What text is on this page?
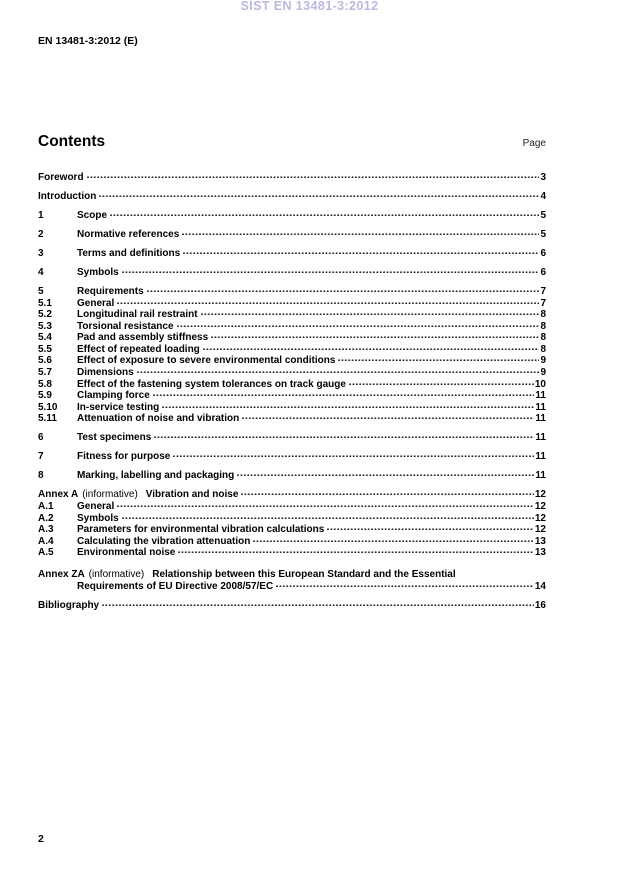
SIST EN 13481-3:2012
EN 13481-3:2012 (E)
Contents	Page
Foreword	3
Introduction	4
1	Scope	5
2	Normative references	5
3	Terms and definitions	6
4	Symbols	6
5	Requirements	7
5.1	General	7
5.2	Longitudinal rail restraint	8
5.3	Torsional resistance	8
5.4	Pad and assembly stiffness	8
5.5	Effect of repeated loading	8
5.6	Effect of exposure to severe environmental conditions	9
5.7	Dimensions	9
5.8	Effect of the fastening system tolerances on track gauge	10
5.9	Clamping force	11
5.10	In-service testing	11
5.11	Attenuation of noise and vibration	11
6	Test specimens	11
7	Fitness for purpose	11
8	Marking, labelling and packaging	11
Annex A (informative) Vibration and noise	12
A.1	General	12
A.2	Symbols	12
A.3	Parameters for environmental vibration calculations	12
A.4	Calculating the vibration attenuation	13
A.5	Environmental noise	13
Annex ZA (informative) Relationship between this European Standard and the Essential
Requirements of EU Directive 2008/57/EC	14
Bibliography	16
2
